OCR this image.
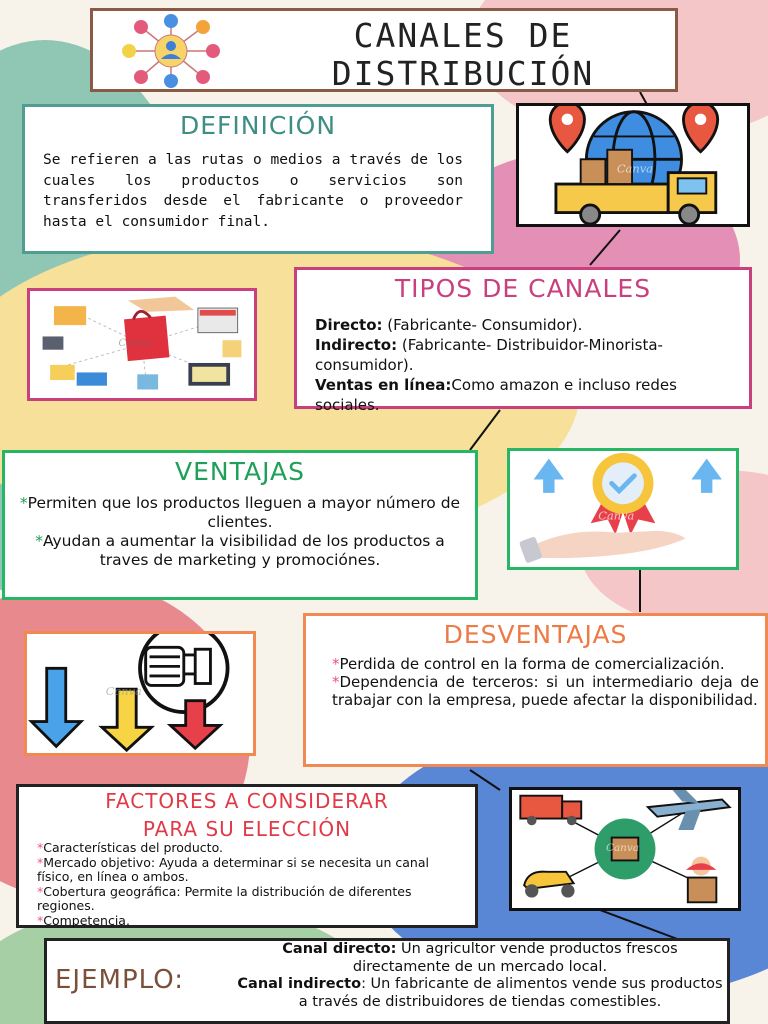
CANALES DE
DISTRIBUCIÓN
DEFINICIÓN
Se refieren a las rutas o medios a través de los cuales los productos o servicios son transferidos desde el fabricante o proveedor hasta el consumidor final.
Canva
Canva
TIPOS DE CANALES
Directo: (Fabricante- Consumidor).
Indirecto: (Fabricante- Distribuidor-Minorista-consumidor).
Ventas en línea:Como amazon e incluso redes sociales.
VENTAJAS
*Permiten que los productos lleguen a mayor número de clientes.
*Ayudan a aumentar la visibilidad de los productos a traves de marketing y promociónes.
Canva
Canva
DESVENTAJAS
*Perdida de control en la forma de comercialización.
*Dependencia de terceros: si un intermediario deja de trabajar con la empresa, puede afectar la disponibilidad.
FACTORES A CONSIDERAR
PARA SU ELECCIÓN
*Características del producto.
*Mercado objetivo: Ayuda a determinar si se necesita un canal físico, en línea o ambos.
*Cobertura geográfica: Permite la distribución de diferentes regiones.
*Competencia.
Canva
EJEMPLO:
Canal directo: Un agricultor vende productos frescos directamente de un mercado local.
Canal indirecto: Un fabricante de alimentos vende sus productos a través de distribuidores de tiendas comestibles.
